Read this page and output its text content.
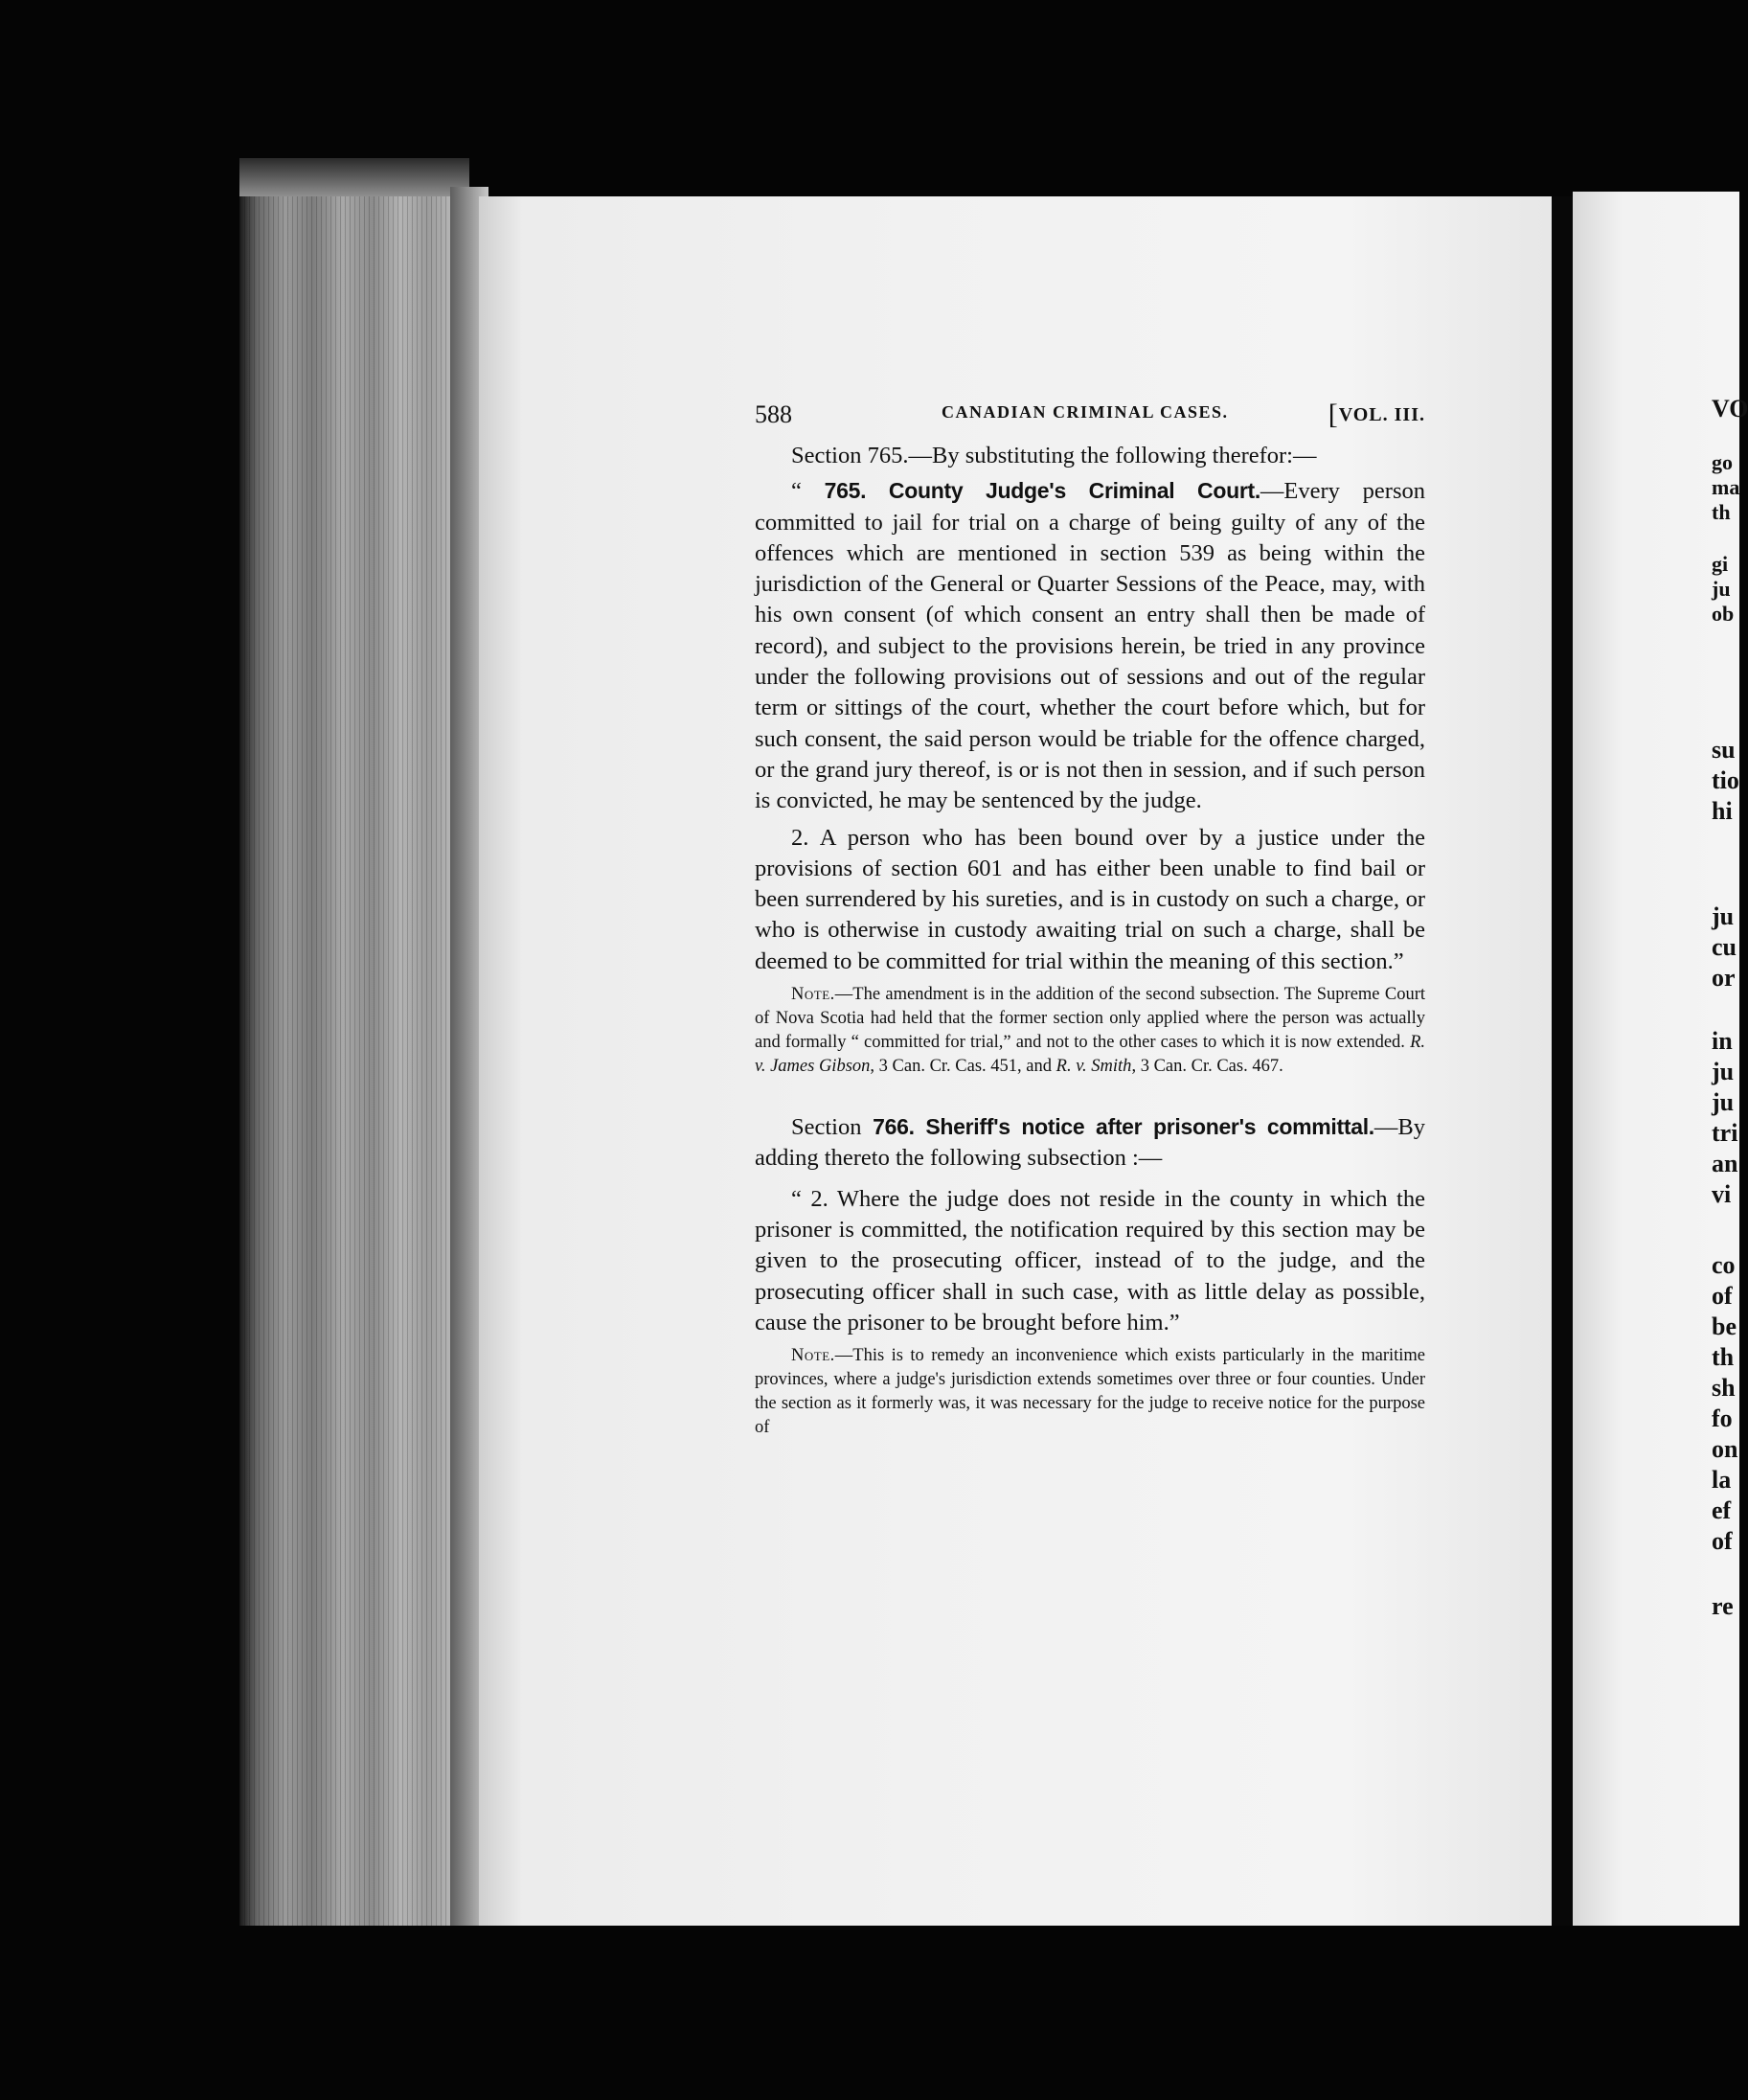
VO
go
ma
th
gi
ju
ob
su
tio
hi
ju
cu
or
in
ju
ju
tri
an
vi
co
of
be
th
sh
fo
on
la
ef
of
re
588	CANADIAN CRIMINAL CASES.	[VOL. III.

Section 765.—By substituting the following therefor:—

“ 765. County Judge's Criminal Court.—Every person committed to jail for trial on a charge of being guilty of any of the offences which are mentioned in section 539 as being within the jurisdiction of the General or Quarter Sessions of the Peace, may, with his own consent (of which consent an entry shall then be made of record), and subject to the provisions herein, be tried in any province under the following provisions out of sessions and out of the regular term or sittings of the court, whether the court before which, but for such consent, the said person would be triable for the offence charged, or the grand jury thereof, is or is not then in session, and if such person is convicted, he may be sentenced by the judge.

2. A person who has been bound over by a justice under the provisions of section 601 and has either been unable to find bail or been surrendered by his sureties, and is in custody on such a charge, or who is otherwise in custody awaiting trial on such a charge, shall be deemed to be committed for trial within the meaning of this section.”

Note.—The amendment is in the addition of the second subsection. The Supreme Court of Nova Scotia had held that the former section only applied where the person was actually and formally “ committed for trial,” and not to the other cases to which it is now extended. R. v. James Gibson, 3 Can. Cr. Cas. 451, and R. v. Smith, 3 Can. Cr. Cas. 467.

Section 766. Sheriff's notice after prisoner's committal.—By adding thereto the following subsection :—

“ 2. Where the judge does not reside in the county in which the prisoner is committed, the notification required by this section may be given to the prosecuting officer, instead of to the judge, and the prosecuting officer shall in such case, with as little delay as possible, cause the prisoner to be brought before him.”

Note.—This is to remedy an inconvenience which exists particularly in the maritime provinces, where a judge's jurisdiction extends sometimes over three or four counties. Under the section as it formerly was, it was necessary for the judge to receive notice for the purpose of
